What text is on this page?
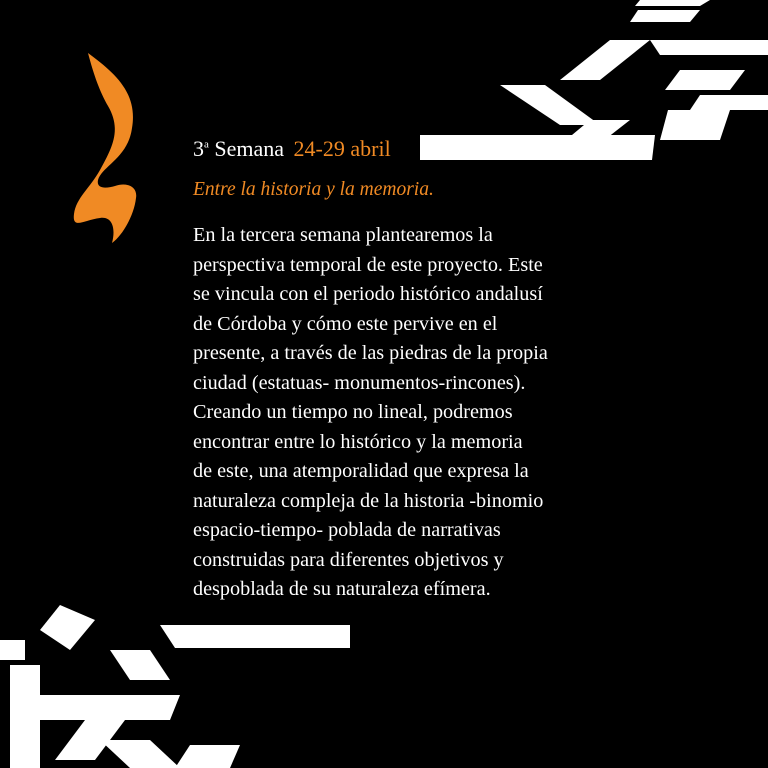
3$^a$ Semana 24-29 abril
Entre la historia y la memoria.
En la tercera semana plantearemos la
perspectiva temporal de este proyecto. Este
se vincula con el periodo histórico andalusí
de Córdoba y cómo este pervive en el
presente, a través de las piedras de la propia
ciudad (estatuas- monumentos-rincones).
Creando un tiempo no lineal, podremos
encontrar entre lo histórico y la memoria
de este, una atemporalidad que expresa la
naturaleza compleja de la historia -binomio
espacio-tiempo- poblada de narrativas
construidas para diferentes objetivos y
despoblada de su naturaleza efímera.
